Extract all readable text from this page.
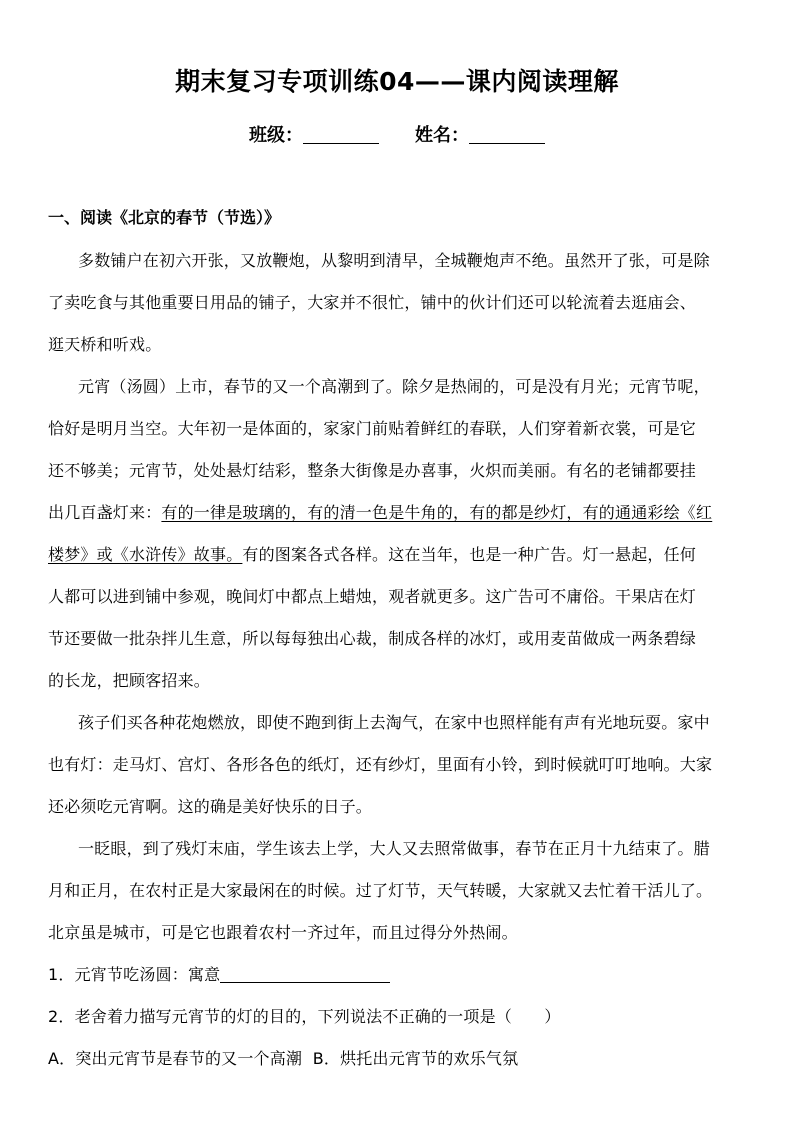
期末复习专项训练04——课内阅读理解
班级：	姓名：
一、阅读《北京的春节（节选）》
多数铺户在初六开张，又放鞭炮，从黎明到清早，全城鞭炮声不绝。虽然开了张，可是除
了卖吃食与其他重要日用品的铺子，大家并不很忙，铺中的伙计们还可以轮流着去逛庙会、
逛天桥和听戏。
元宵（汤圆）上市，春节的又一个高潮到了。除夕是热闹的，可是没有月光；元宵节呢，
恰好是明月当空。大年初一是体面的，家家门前贴着鲜红的春联，人们穿着新衣裳，可是它
还不够美；元宵节，处处悬灯结彩，整条大街像是办喜事，火炽而美丽。有名的老铺都要挂
出几百盏灯来：有的一律是玻璃的，有的清一色是牛角的，有的都是纱灯，有的通通彩绘《红
楼梦》或《水浒传》故事。有的图案各式各样。这在当年，也是一种广告。灯一悬起，任何
人都可以进到铺中参观，晚间灯中都点上蜡烛，观者就更多。这广告可不庸俗。干果店在灯
节还要做一批杂拌儿生意，所以每每独出心裁，制成各样的冰灯，或用麦苗做成一两条碧绿
的长龙，把顾客招来。
孩子们买各种花炮燃放，即使不跑到街上去淘气，在家中也照样能有声有光地玩耍。家中
也有灯：走马灯、宫灯、各形各色的纸灯，还有纱灯，里面有小铃，到时候就叮叮地响。大家
还必须吃元宵啊。这的确是美好快乐的日子。
一眨眼，到了残灯末庙，学生该去上学，大人又去照常做事，春节在正月十九结束了。腊
月和正月，在农村正是大家最闲在的时候。过了灯节，天气转暖，大家就又去忙着干活儿了。
北京虽是城市，可是它也跟着农村一齐过年，而且过得分外热闹。
1．元宵节吃汤圆：寓意
2．老舍着力描写元宵节的灯的目的，下列说法不正确的一项是（　　）
A．突出元宵节是春节的又一个高潮 B．烘托出元宵节的欢乐气氛
